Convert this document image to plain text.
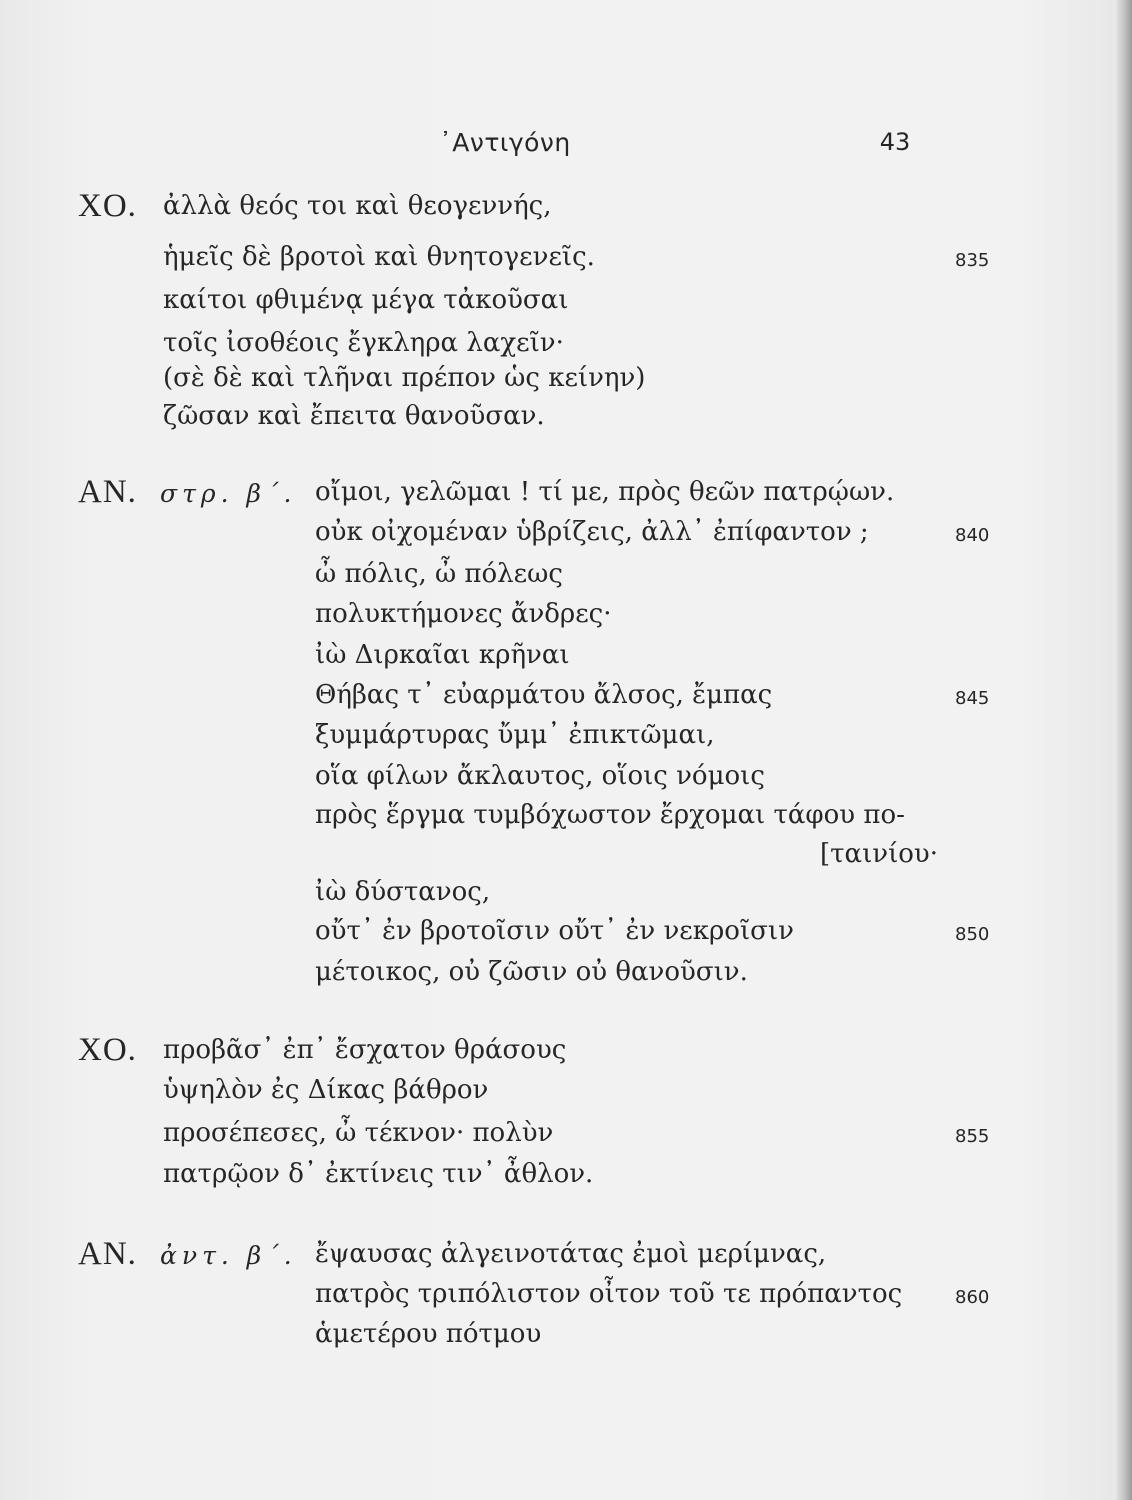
᾿Αντιγόνη	43
ΧΟ. ἀλλὰ θεός τοι καὶ θεογεννής,
ἡμεῖς δὲ βροτοὶ καὶ θνητογενεῖς.	835
καίτοι φθιμένᾳ μέγα τἀκοῦσαι
τοῖς ἰσοθέοις ἔγκληρα λαχεῖν·
(σὲ δὲ καὶ τλῆναι πρέπον ὡς κείνην)
ζῶσαν καὶ ἔπειτα θανοῦσαν.
ΑΝ. στρ. β΄. οἴμοι, γελῶμαι ! τί με, πρὸς θεῶν πατρῴων.
οὐκ οἰχομέναν ὑβρίζεις, ἀλλ᾿ ἐπίφαντον ;	840
ὦ πόλις, ὦ πόλεως
πολυκτήμονες ἄνδρες·
ἰὼ Διρκαῖαι κρῆναι
Θήβας τ᾿ εὐαρμάτου ἄλσος, ἔμπας	845
ξυμμάρτυρας ὔμμ᾿ ἐπικτῶμαι,
οἵα φίλων ἄκλαυτος, οἵοις νόμοις
πρὸς ἕργμα τυμβόχωστον ἔρχομαι τάφου πο-
[ταινίου·
ἰὼ δύστανος,
οὔτ᾿ ἐν βροτοῖσιν οὔτ᾿ ἐν νεκροῖσιν	850
μέτοικος, οὐ ζῶσιν οὐ θανοῦσιν.
ΧΟ. προβᾶσ᾿ ἐπ᾿ ἔσχατον θράσους
ὑψηλὸν ἐς Δίκας βάθρον
προσέπεσες, ὦ τέκνον· πολὺν	855
πατρῷον δ᾿ ἐκτίνεις τιν᾿ ἆθλον.
ΑΝ. ἀντ. β΄. ἔψαυσας ἀλγεινοτάτας ἐμοὶ μερίμνας,
πατρὸς τριπόλιστον οἶτον τοῦ τε πρόπαντος	860
ἁμετέρου πότμου
